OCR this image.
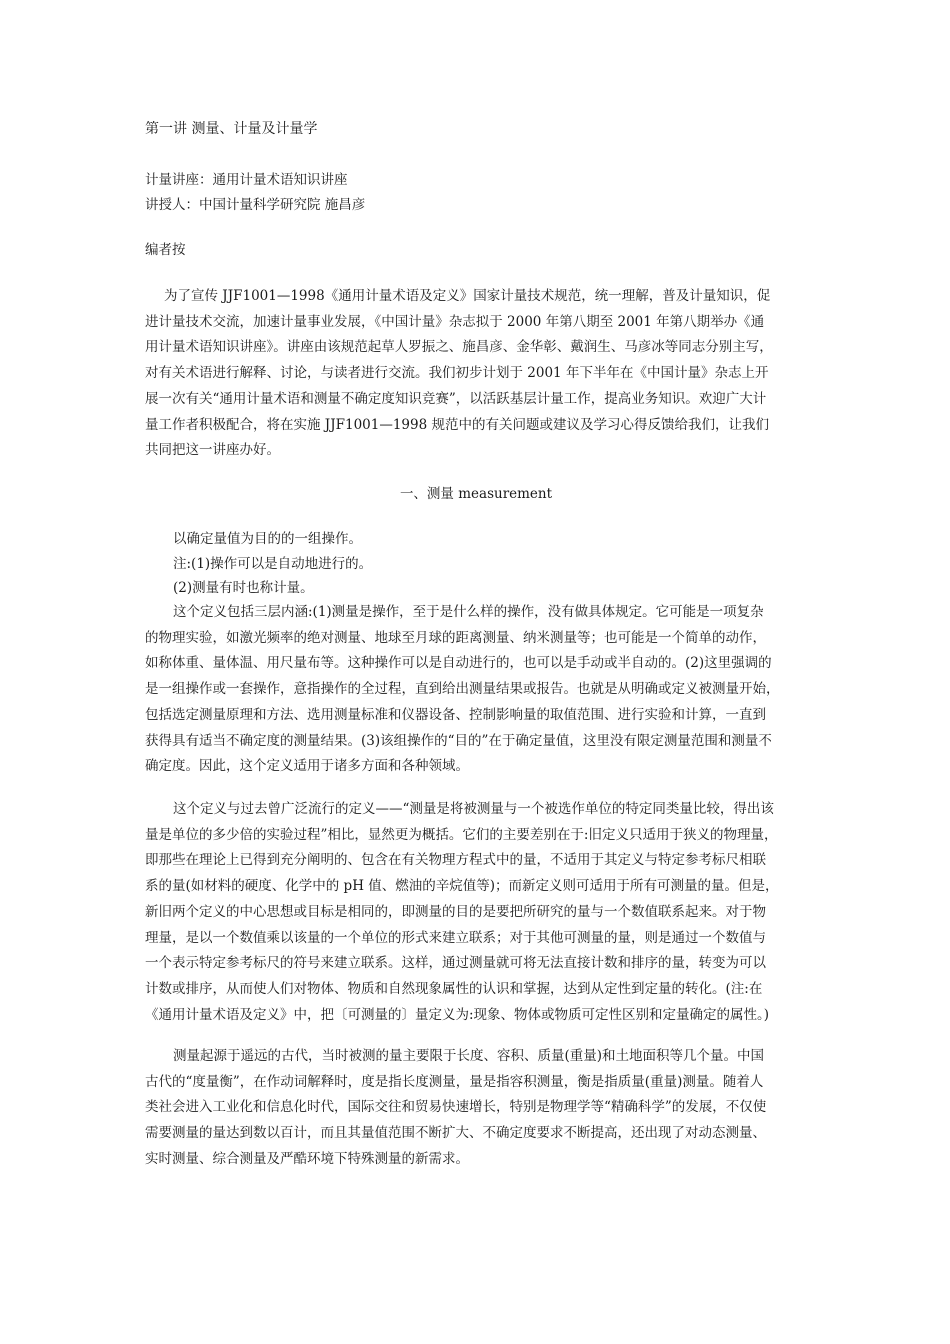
第一讲 测量、计量及计量学

计量讲座：通用计量术语知识讲座

讲授人：中国计量科学研究院 施昌彦

编者按

为了宣传 JJF1001—1998《通用计量术语及定义》国家计量技术规范，统一理解，普及计量知识，促

进计量技术交流，加速计量事业发展，《中国计量》杂志拟于 2000 年第八期至 2001 年第八期举办《通

用计量术语知识讲座》。讲座由该规范起草人罗振之、施昌彦、金华彰、戴润生、马彦冰等同志分别主写，

对有关术语进行解释、讨论，与读者进行交流。我们初步计划于 2001 年下半年在《中国计量》杂志上开

展一次有关“通用计量术语和测量不确定度知识竞赛”，以活跃基层计量工作，提高业务知识。欢迎广大计

量工作者积极配合，将在实施 JJF1001—1998 规范中的有关问题或建议及学习心得反馈给我们，让我们

共同把这一讲座办好。

一、测量 measurement

以确定量值为目的的一组操作。

注:(1)操作可以是自动地进行的。

(2)测量有时也称计量。

这个定义包括三层内涵:(1)测量是操作，至于是什么样的操作，没有做具体规定。它可能是一项复杂

的物理实验，如激光频率的绝对测量、地球至月球的距离测量、纳米测量等；也可能是一个简单的动作，

如称体重、量体温、用尺量布等。这种操作可以是自动进行的，也可以是手动或半自动的。(2)这里强调的

是一组操作或一套操作，意指操作的全过程，直到给出测量结果或报告。也就是从明确或定义被测量开始，

包括选定测量原理和方法、选用测量标准和仪器设备、控制影响量的取值范围、进行实验和计算，一直到

获得具有适当不确定度的测量结果。(3)该组操作的“目的”在于确定量值，这里没有限定测量范围和测量不

确定度。因此，这个定义适用于诸多方面和各种领域。

这个定义与过去曾广泛流行的定义——“测量是将被测量与一个被选作单位的特定同类量比较，得出该

量是单位的多少倍的实验过程”相比，显然更为概括。它们的主要差别在于:旧定义只适用于狭义的物理量，

即那些在理论上已得到充分阐明的、包含在有关物理方程式中的量，不适用于其定义与特定参考标尺相联

系的量(如材料的硬度、化学中的 pH 值、燃油的辛烷值等)；而新定义则可适用于所有可测量的量。但是，

新旧两个定义的中心思想或目标是相同的，即测量的目的是要把所研究的量与一个数值联系起来。对于物

理量，是以一个数值乘以该量的一个单位的形式来建立联系；对于其他可测量的量，则是通过一个数值与

一个表示特定参考标尺的符号来建立联系。这样，通过测量就可将无法直接计数和排序的量，转变为可以

计数或排序，从而使人们对物体、物质和自然现象属性的认识和掌握，达到从定性到定量的转化。(注:在

《通用计量术语及定义》中，把〔可测量的〕量定义为:现象、物体或物质可定性区别和定量确定的属性。)

测量起源于遥远的古代，当时被测的量主要限于长度、容积、质量(重量)和土地面积等几个量。中国

古代的“度量衡”，在作动词解释时，度是指长度测量，量是指容积测量，衡是指质量(重量)测量。随着人

类社会进入工业化和信息化时代，国际交往和贸易快速增长，特别是物理学等“精确科学”的发展，不仅使

需要测量的量达到数以百计，而且其量值范围不断扩大、不确定度要求不断提高，还出现了对动态测量、

实时测量、综合测量及严酷环境下特殊测量的新需求。
